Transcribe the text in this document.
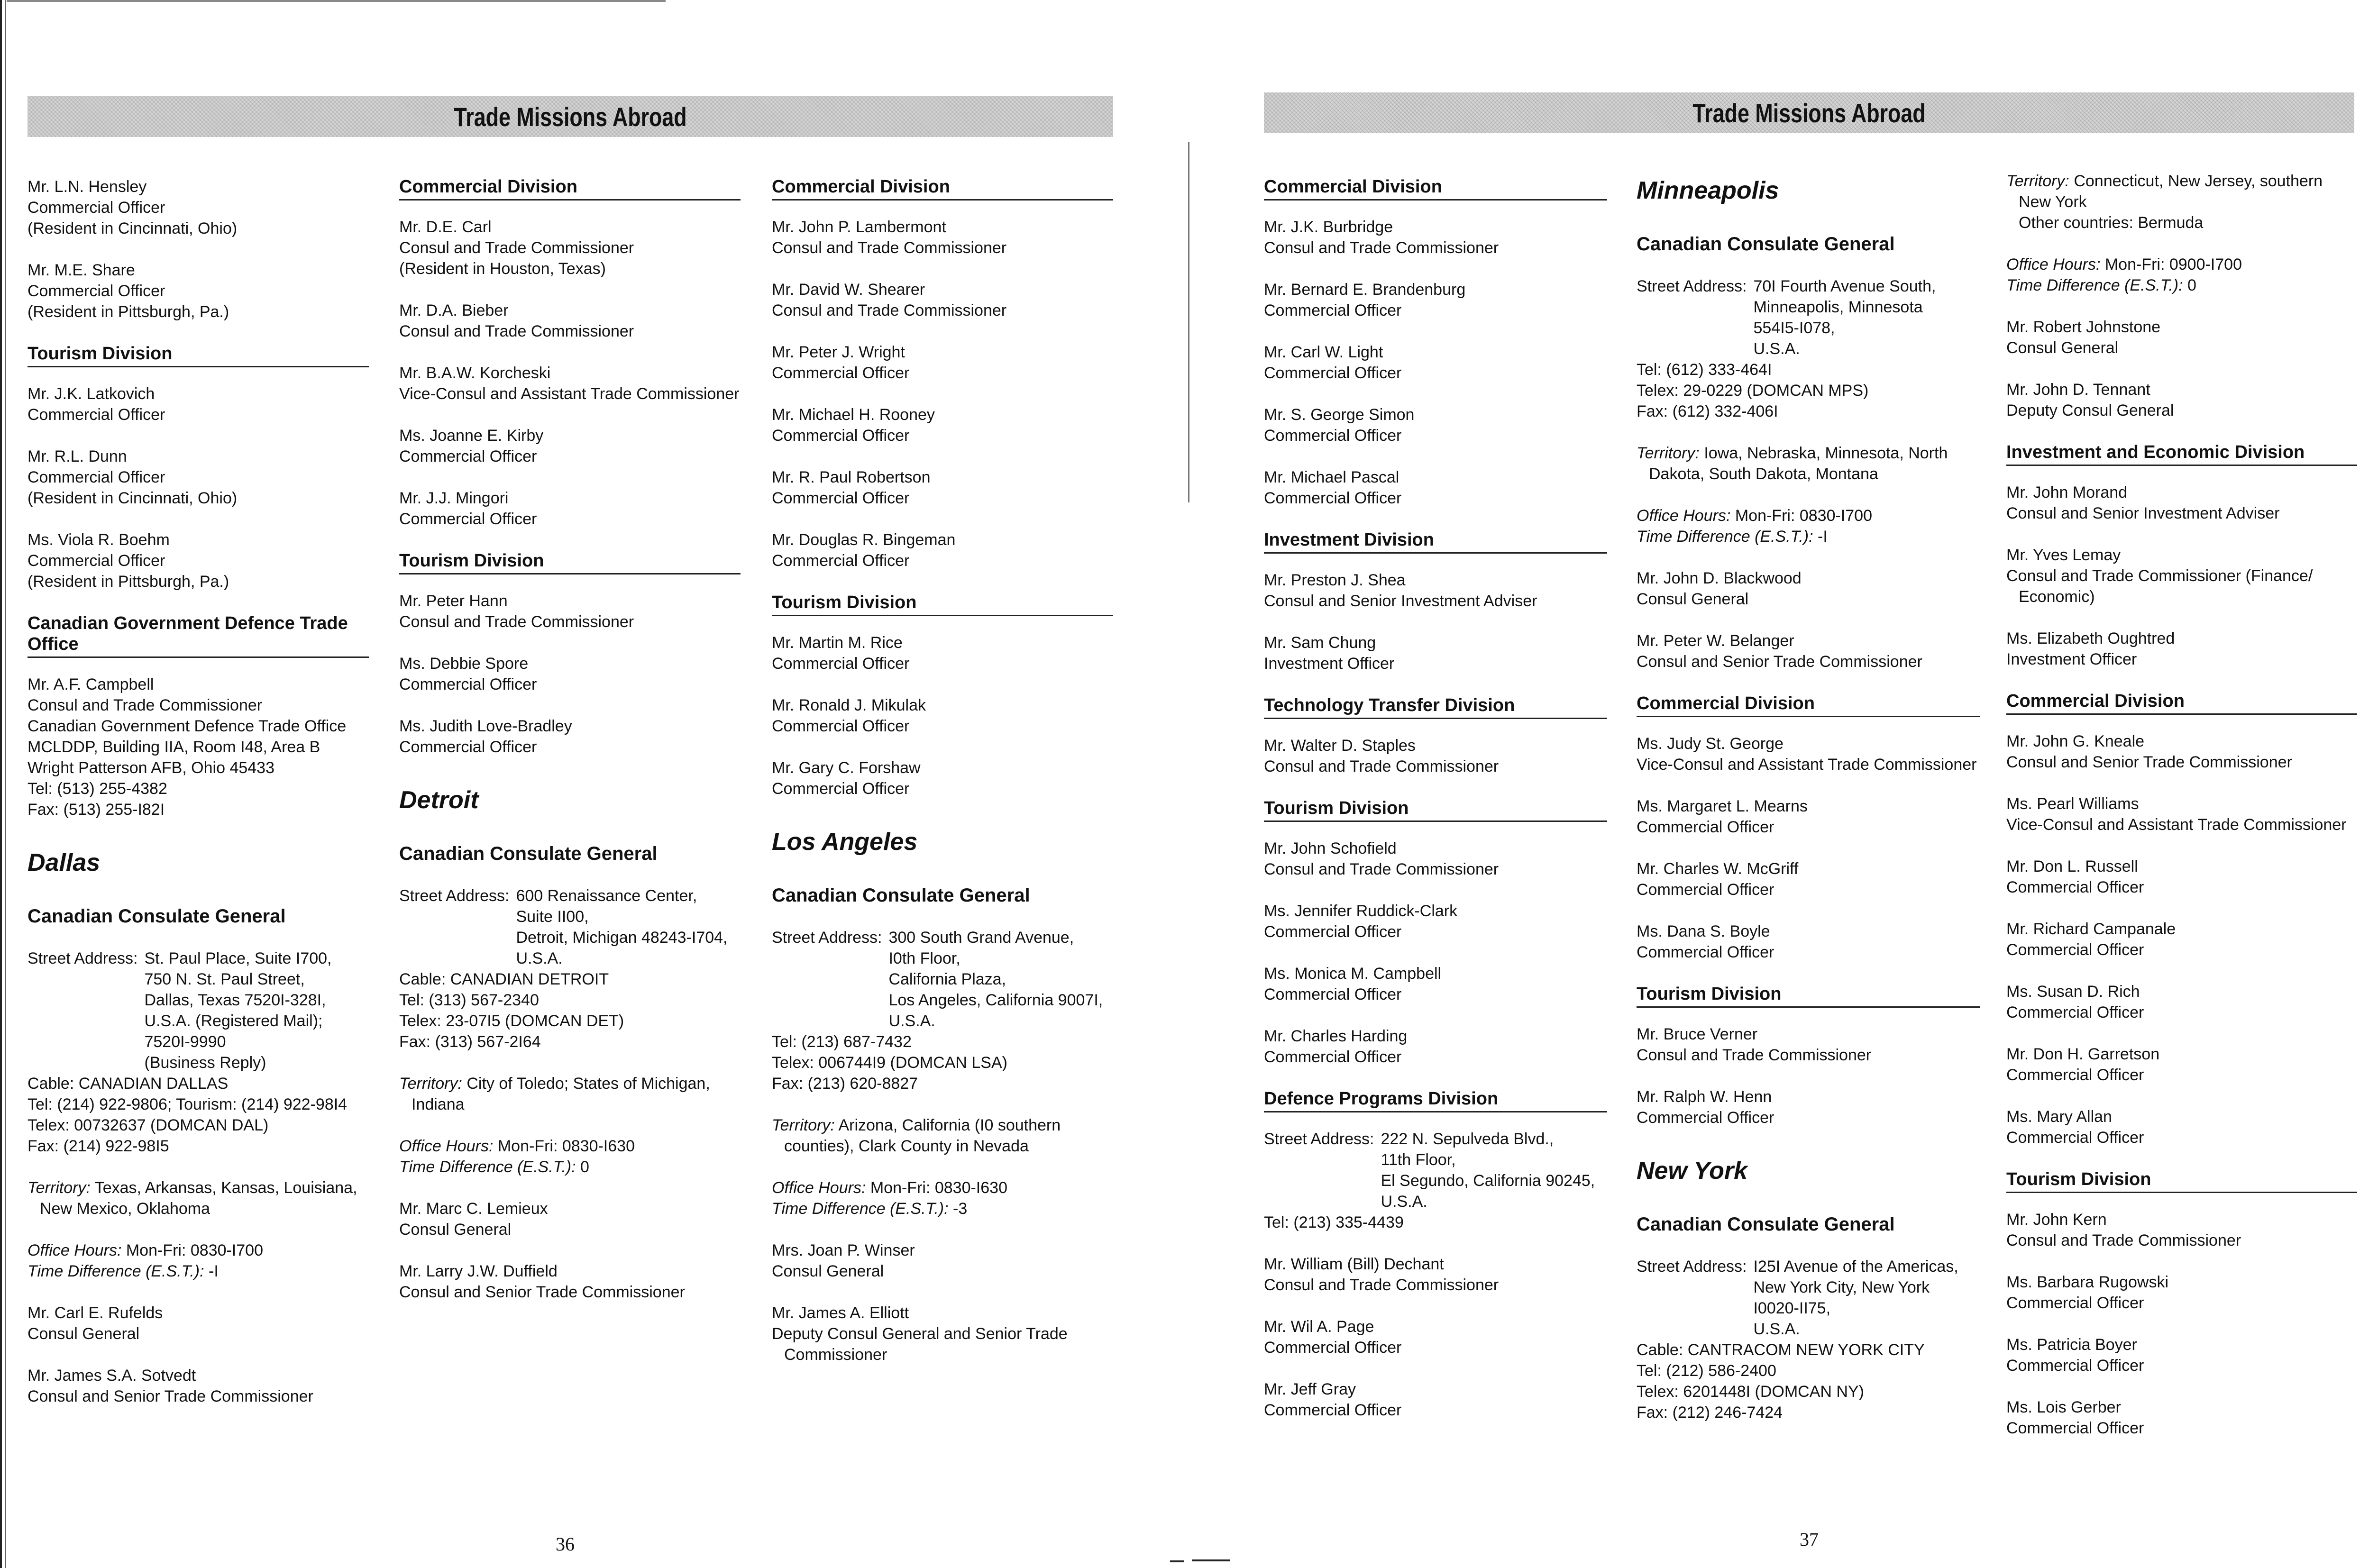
Trade Missions Abroad

Mr. L.N. Hensley

Commercial Officer

(Resident in Cincinnati, Ohio)

Mr. M.E. Share

Commercial Officer

(Resident in Pittsburgh, Pa.)

Tourism Division

Mr. J.K. Latkovich

Commercial Officer

Mr. R.L. Dunn

Commercial Officer

(Resident in Cincinnati, Ohio)

Ms. Viola R. Boehm

Commercial Officer

(Resident in Pittsburgh, Pa.)

Canadian Government Defence Trade Office

Mr. A.F. Campbell

Consul and Trade Commissioner

Canadian Government Defence Trade Office

MCLDDP, Building IIA, Room I48, Area B

Wright Patterson AFB, Ohio 45433

Tel: (513) 255-4382

Fax: (513) 255-I82I

Dallas
Canadian Consulate General
Street Address: St. Paul Place, Suite I700,

750 N. St. Paul Street,

Dallas, Texas 7520I-328I,

U.S.A. (Registered Mail);

7520I-9990

(Business Reply)

Cable: CANADIAN DALLAS

Tel: (214) 922-9806; Tourism: (214) 922-98I4

Telex: 00732637 (DOMCAN DAL)

Fax: (214) 922-98I5

Territory: Texas, Arkansas, Kansas, Louisiana,

New Mexico, Oklahoma

Office Hours: Mon-Fri: 0830-I700

Time Difference (E.S.T.): -I

Mr. Carl E. Rufelds

Consul General

Mr. James S.A. Sotvedt

Consul and Senior Trade Commissioner

Commercial Division

Mr. D.E. Carl

Consul and Trade Commissioner

(Resident in Houston, Texas)

Mr. D.A. Bieber

Consul and Trade Commissioner

Mr. B.A.W. Korcheski

Vice-Consul and Assistant Trade Commissioner

Ms. Joanne E. Kirby

Commercial Officer

Mr. J.J. Mingori

Commercial Officer

Tourism Division

Mr. Peter Hann

Consul and Trade Commissioner

Ms. Debbie Spore

Commercial Officer

Ms. Judith Love-Bradley

Commercial Officer

Detroit
Canadian Consulate General
Street Address: 600 Renaissance Center,

Suite II00,

Detroit, Michigan 48243-I704,

U.S.A.

Cable: CANADIAN DETROIT

Tel: (313) 567-2340

Telex: 23-07I5 (DOMCAN DET)

Fax: (313) 567-2I64

Territory: City of Toledo; States of Michigan,

Indiana

Office Hours: Mon-Fri: 0830-I630

Time Difference (E.S.T.): 0

Mr. Marc C. Lemieux

Consul General

Mr. Larry J.W. Duffield

Consul and Senior Trade Commissioner

Commercial Division

Mr. John P. Lambermont

Consul and Trade Commissioner

Mr. David W. Shearer

Consul and Trade Commissioner

Mr. Peter J. Wright

Commercial Officer

Mr. Michael H. Rooney

Commercial Officer

Mr. R. Paul Robertson

Commercial Officer

Mr. Douglas R. Bingeman

Commercial Officer

Tourism Division

Mr. Martin M. Rice

Commercial Officer

Mr. Ronald J. Mikulak

Commercial Officer

Mr. Gary C. Forshaw

Commercial Officer

Los Angeles
Canadian Consulate General
Street Address: 300 South Grand Avenue,

I0th Floor,

California Plaza,

Los Angeles, California 9007I,

U.S.A.

Tel: (213) 687-7432

Telex: 006744I9 (DOMCAN LSA)

Fax: (213) 620-8827

Territory: Arizona, California (I0 southern

counties), Clark County in Nevada

Office Hours: Mon-Fri: 0830-I630

Time Difference (E.S.T.): -3

Mrs. Joan P. Winser

Consul General

Mr. James A. Elliott

Deputy Consul General and Senior Trade

Commissioner

36
Trade Missions Abroad
Commercial Division

Mr. J.K. Burbridge

Consul and Trade Commissioner

Mr. Bernard E. Brandenburg

Commercial Officer

Mr. Carl W. Light

Commercial Officer

Mr. S. George Simon

Commercial Officer

Mr. Michael Pascal

Commercial Officer

Investment Division

Mr. Preston J. Shea

Consul and Senior Investment Adviser

Mr. Sam Chung

Investment Officer

Technology Transfer Division

Mr. Walter D. Staples

Consul and Trade Commissioner

Tourism Division

Mr. John Schofield

Consul and Trade Commissioner

Ms. Jennifer Ruddick-Clark

Commercial Officer

Ms. Monica M. Campbell

Commercial Officer

Mr. Charles Harding

Commercial Officer

Defence Programs Division
Street Address: 222 N. Sepulveda Blvd.,

11th Floor,

El Segundo, California 90245,

U.S.A.

Tel: (213) 335-4439

Mr. William (Bill) Dechant

Consul and Trade Commissioner

Mr. Wil A. Page

Commercial Officer

Mr. Jeff Gray

Commercial Officer

Minneapolis
Canadian Consulate General
Street Address: 70I Fourth Avenue South,

Minneapolis, Minnesota

554I5-I078,

U.S.A.

Tel: (612) 333-464I

Telex: 29-0229 (DOMCAN MPS)

Fax: (612) 332-406I

Territory: Iowa, Nebraska, Minnesota, North

Dakota, South Dakota, Montana

Office Hours: Mon-Fri: 0830-I700

Time Difference (E.S.T.): -I

Mr. John D. Blackwood

Consul General

Mr. Peter W. Belanger

Consul and Senior Trade Commissioner

Commercial Division

Ms. Judy St. George

Vice-Consul and Assistant Trade Commissioner

Ms. Margaret L. Mearns

Commercial Officer

Mr. Charles W. McGriff

Commercial Officer

Ms. Dana S. Boyle

Commercial Officer

Tourism Division

Mr. Bruce Verner

Consul and Trade Commissioner

Mr. Ralph W. Henn

Commercial Officer

New York
Canadian Consulate General
Street Address: I25I Avenue of the Americas,

New York City, New York

I0020-II75,

U.S.A.

Cable: CANTRACOM NEW YORK CITY

Tel: (212) 586-2400

Telex: 6201448I (DOMCAN NY)

Fax: (212) 246-7424

Territory: Connecticut, New Jersey, southern

New York

Other countries: Bermuda

Office Hours: Mon-Fri: 0900-I700

Time Difference (E.S.T.): 0

Mr. Robert Johnstone

Consul General

Mr. John D. Tennant

Deputy Consul General

Investment and Economic Division

Mr. John Morand

Consul and Senior Investment Adviser

Mr. Yves Lemay

Consul and Trade Commissioner (Finance/

Economic)

Ms. Elizabeth Oughtred

Investment Officer

Commercial Division

Mr. John G. Kneale

Consul and Senior Trade Commissioner

Ms. Pearl Williams

Vice-Consul and Assistant Trade Commissioner

Mr. Don L. Russell

Commercial Officer

Mr. Richard Campanale

Commercial Officer

Ms. Susan D. Rich

Commercial Officer

Mr. Don H. Garretson

Commercial Officer

Ms. Mary Allan

Commercial Officer

Tourism Division

Mr. John Kern

Consul and Trade Commissioner

Ms. Barbara Rugowski

Commercial Officer

Ms. Patricia Boyer

Commercial Officer

Ms. Lois Gerber

Commercial Officer

37
